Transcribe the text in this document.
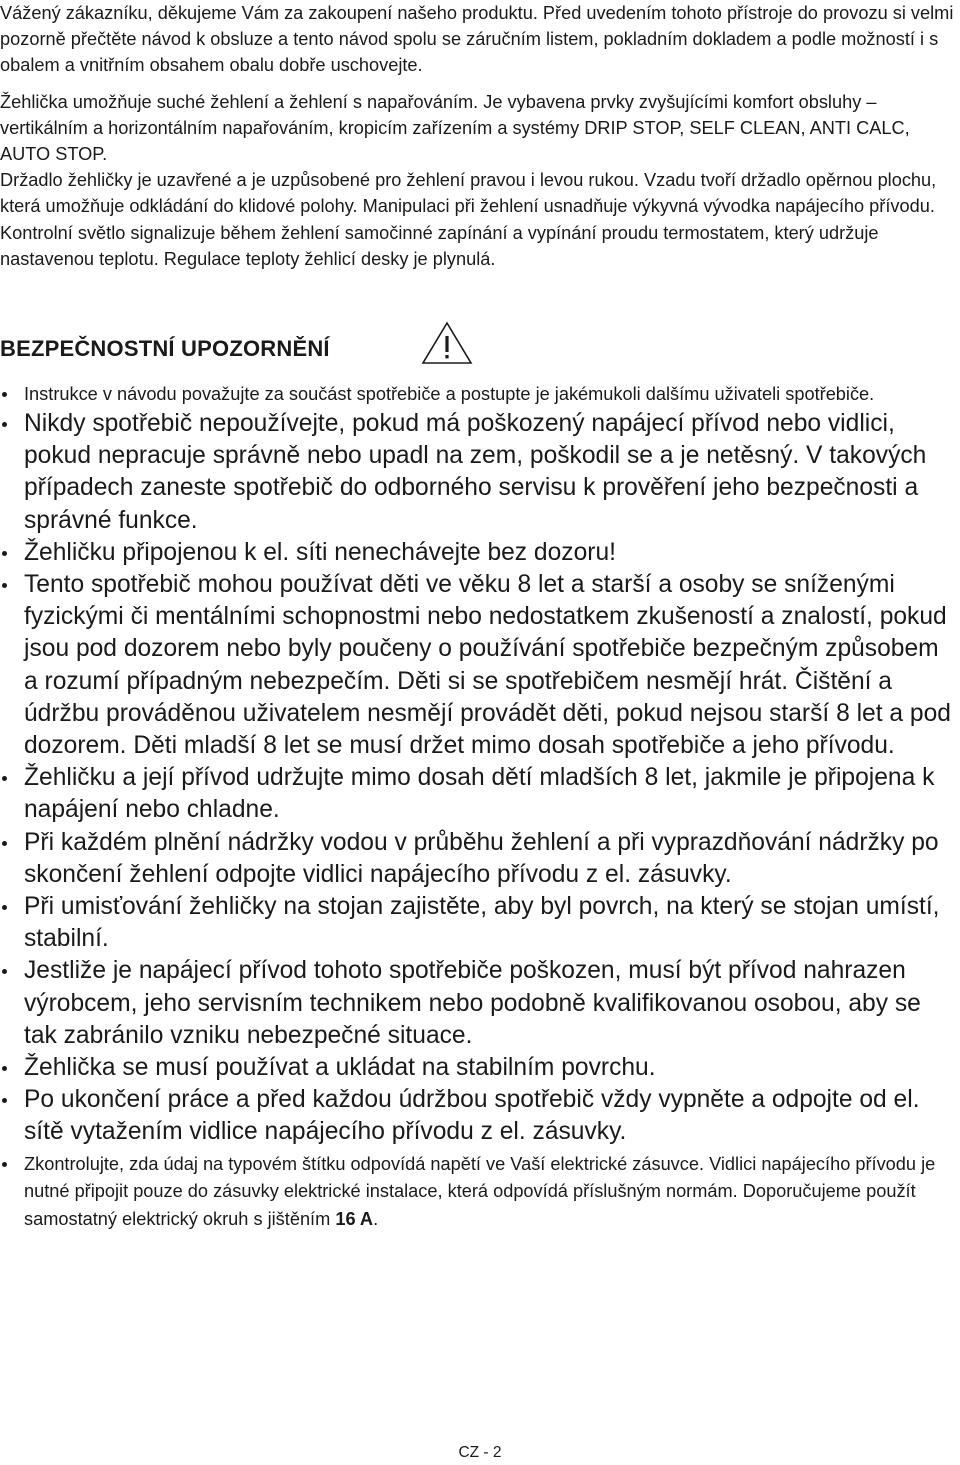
Vážený zákazníku, děkujeme Vám za zakoupení našeho produktu. Před uvedením tohoto přístroje do provozu si velmi pozorně přečtěte návod k obsluze a tento návod spolu se záručním listem, pokladním dokladem a podle možností i s obalem a vnitřním obsahem obalu dobře uschovejte.

Žehlička umožňuje suché žehlení a žehlení s napařováním. Je vybavena prvky zvyšujícími komfort obsluhy – vertikálním a horizontálním napařováním, kropicím zařízením a systémy DRIP STOP, SELF CLEAN, ANTI CALC, AUTO STOP.

Držadlo žehličky je uzavřené a je uzpůsobené pro žehlení pravou i levou rukou. Vzadu tvoří držadlo opěrnou plochu, která umožňuje odkládání do klidové polohy. Manipulaci při žehlení usnadňuje výkyvná vývodka napájecího přívodu. Kontrolní světlo signalizuje během žehlení samočinné zapínání a vypínání proudu termostatem, který udržuje nastavenou teplotu. Regulace teploty žehlicí desky je plynulá.

BEZPEČNOSTNÍ UPOZORNĚNÍ
Instrukce v návodu považujte za součást spotřebiče a postupte je jakémukoli dalšímu uživateli spotřebiče.
Nikdy spotřebič nepoužívejte, pokud má poškozený napájecí přívod nebo vidlici, pokud nepracuje správně nebo upadl na zem, poškodil se a je netěsný. V takových případech zaneste spotřebič do odborného servisu k prověření jeho bezpečnosti a správné funkce.
Žehličku připojenou k el. síti nenechávejte bez dozoru!
Tento spotřebič mohou používat děti ve věku 8 let a starší a osoby se sníženými fyzickými či mentálními schopnostmi nebo nedostatkem zkušeností a znalostí, pokud jsou pod dozorem nebo byly poučeny o používání spotřebiče bezpečným způsobem a rozumí případným nebezpečím. Děti si se spotřebičem nesmějí hrát. Čištění a údržbu prováděnou uživatelem nesmějí provádět děti, pokud nejsou starší 8 let a pod dozorem. Děti mladší 8 let se musí držet mimo dosah spotřebiče a jeho přívodu.
Žehličku a její přívod udržujte mimo dosah dětí mladších 8 let, jakmile je připojena k napájení nebo chladne.
Při každém plnění nádržky vodou v průběhu žehlení a při vyprazdňování nádržky po skončení žehlení odpojte vidlici napájecího přívodu z el. zásuvky.
Při umisťování žehličky na stojan zajistěte, aby byl povrch, na který se stojan umístí, stabilní.
Jestliže je napájecí přívod tohoto spotřebiče poškozen, musí být přívod nahrazen výrobcem, jeho servisním technikem nebo podobně kvalifikovanou osobou, aby se tak zabránilo vzniku nebezpečné situace.
Žehlička se musí používat a ukládat na stabilním povrchu.
Po ukončení práce a před každou údržbou spotřebič vždy vypněte a odpojte od el. sítě vytažením vidlice napájecího přívodu z el. zásuvky.
Zkontrolujte, zda údaj na typovém štítku odpovídá napětí ve Vaší elektrické zásuvce. Vidlici napájecího přívodu je nutné připojit pouze do zásuvky elektrické instalace, která odpovídá příslušným normám. Doporučujeme použít samostatný elektrický okruh s jištěním 16 A.
CZ - 2
